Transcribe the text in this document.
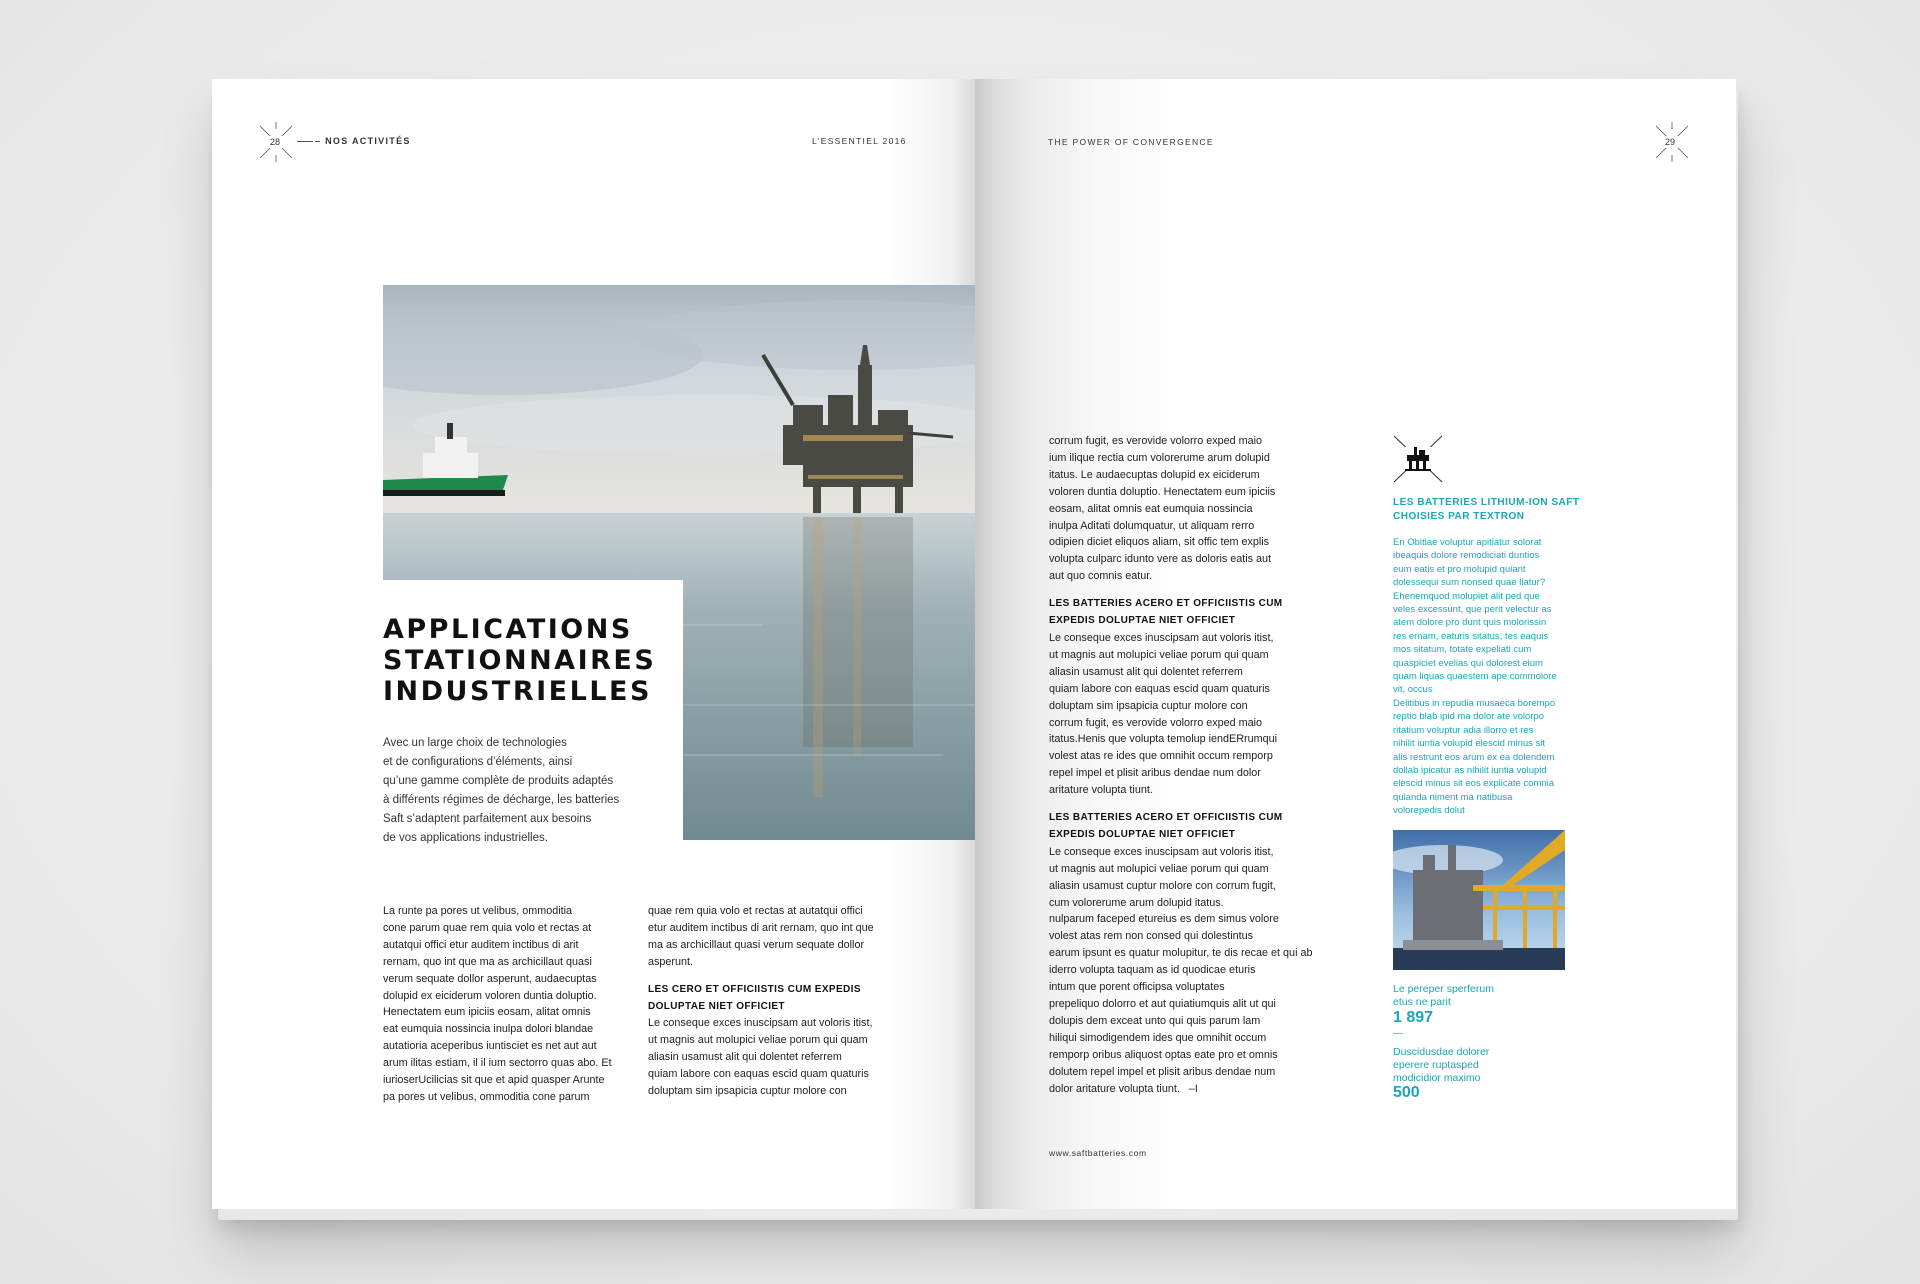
28	– NOS ACTIVITÉS	L’ESSENTIEL 2016
APPLICATIONS
STATIONNAIRES
INDUSTRIELLES
Avec un large choix de technologies
et de configurations d’éléments, ainsi
qu’une gamme complète de produits adaptés
à différents régimes de décharge, les batteries
Saft s’adaptent parfaitement aux besoins
de vos applications industrielles.
La runte pa pores ut velibus, ommoditia
cone parum quae rem quia volo et rectas at
autatqui offici etur auditem inctibus di arit
rernam, quo int que ma as archicillaut quasi
verum sequate dollor asperunt, audaecuptas
dolupid ex eiciderum voloren duntia doluptio.
Henectatem eum ipiciis eosam, alitat omnis
eat eumquia nossincia inulpa dolori blandae
autatioria aceperibus iuntisciet es net aut aut
arum ilitas estiam, il il ium sectorro quas abo. Et
iurioserUcilicias sit que et apid quasper Arunte
pa pores ut velibus, ommoditia cone parum
quae rem quia volo et rectas at autatqui offici
etur auditem inctibus di arit rernam, quo int que
ma as archicillaut quasi verum sequate dollor
asperunt.
LES CERO ET OFFICIISTIS CUM EXPEDIS
DOLUPTAE NIET OFFICIET
Le conseque exces inuscipsam aut voloris itist,
ut magnis aut molupici veliae porum qui quam
aliasin usamust alit qui dolentet referrem
quiam labore con eaquas escid quam quaturis
doluptam sim ipsapicia cuptur molore con
THE POWER OF CONVERGENCE	29
corrum fugit, es verovide volorro exped maio
ium ilique rectia cum volorerume arum dolupid
itatus. Le audaecuptas dolupid ex eiciderum
voloren duntia doluptio. Henectatem eum ipiciis
eosam, alitat omnis eat eumquia nossincia
inulpa Aditati dolumquatur, ut aliquam rerro
odipien diciet eliquos aliam, sit offic tem explis
volupta culparc idunto vere as doloris eatis aut
aut quo comnis eatur.
LES BATTERIES ACERO ET OFFICIISTIS CUM
EXPEDIS DOLUPTAE NIET OFFICIET
Le conseque exces inuscipsam aut voloris itist,
ut magnis aut molupici veliae porum qui quam
aliasin usamust alit qui dolentet referrem
quiam labore con eaquas escid quam quaturis
doluptam sim ipsapicia cuptur molore con
corrum fugit, es verovide volorro exped maio
itatus.Henis que volupta temolup iendERrumqui
volest atas re ides que omnihit occum remporp
repel impel et plisit aribus dendae num dolor
aritature volupta tiunt.
LES BATTERIES ACERO ET OFFICIISTIS CUM
EXPEDIS DOLUPTAE NIET OFFICIET
Le conseque exces inuscipsam aut voloris itist,
ut magnis aut molupici veliae porum qui quam
aliasin usamust cuptur molore con corrum fugit,
cum volorerume arum dolupid itatus.
nulparum faceped etureius es dem simus volore
volest atas rem non consed qui dolestintus
earum ipsunt es quatur molupitur, te dis recae et qui ab
iderro volupta taquam as id quodicae eturis
intum que porent officipsa voluptates
prepeliquo dolorro et aut quiatiumquis alit ut qui
dolupis dem exceat unto qui quis parum lam
hiliqui simodigendem ides que omnihit occum
remporp oribus aliquost optas eate pro et omnis
dolutem repel impel et plisit aribus dendae num
dolor aritature volupta tiunt. –I
www.saftbatteries.com
LES BATTERIES LITHIUM-ION SAFT
CHOISIES PAR TEXTRON
En Obitiae voluptur apitiatur solorat
ibeaquis dolore remodiciati duntios
eum eatis et pro molupid quiant
dolessequi sum nonsed quae liatur?
Ehenemquod molupiet alit ped que
veles excessunt, que perit velectur as
atem dolore pro dunt quis molorissin
res ernam, eaturis sitatus, tes eaquis
mos sitatum, totate expeliati cum
quaspiciet evelias qui dolorest eium
quam liquas quaestem ape commolore
vit, occus
Delitibus in repudia musaeca borempo
reptio blab ipid ma dolor ate volorpo
ritatium voluptur adia illorro et res
nihilit iuntia volupid elescid minus sit
alis restrunt eos arum ex ea dolendem
dollab ipicatur as nihilit iuntia volupid
elescid minus sit eos explicate comnia
quianda niment ma natibusa
volorepedis dolut
Le pereper sperferum
etus ne parit
1 897
—
Duscidusdae dolorer
eperere ruptasped
modicidior maximo
500
